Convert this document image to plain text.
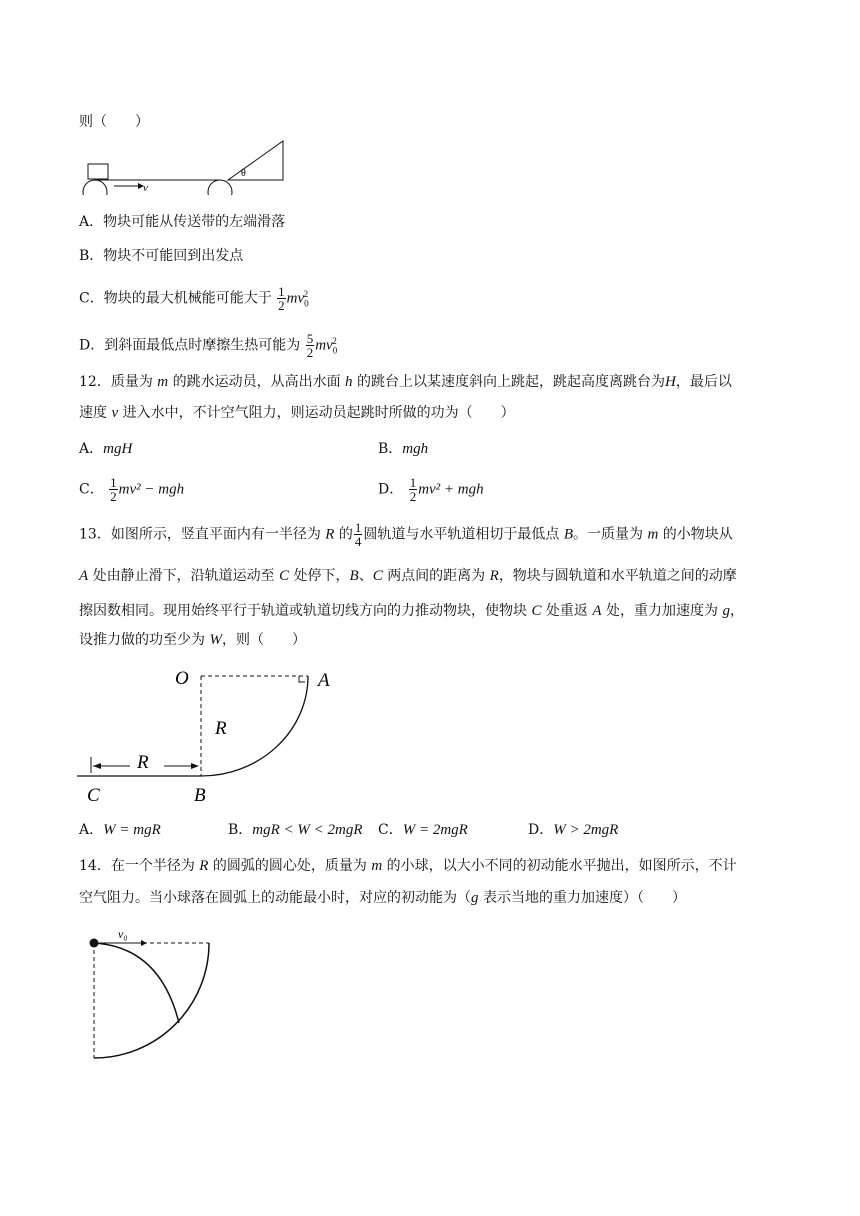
则（　　）
v
θ
A．物块可能从传送带的左端滑落
B．物块不可能回到出发点
C．物块的最大机械能可能大于 $\frac{1}{2} mv_0^2$
D．到斜面最低点时摩擦生热可能为 $\frac{5}{2} mv_0^2$
12．质量为 m 的跳水运动员，从高出水面 h 的跳台上以某速度斜向上跳起，跳起高度离跳台为H，最后以
速度 v 进入水中，不计空气阻力，则运动员起跳时所做的功为（　　）
A．mgH	B．mgh
C． $\frac{1}{2} mv^2$ − mgh	D． $\frac{1}{2} mv^2$ + mgh
13．如图所示，竖直平面内有一半径为 R 的 $\frac{1}{4}$ 圆轨道与水平轨道相切于最低点 B。一质量为 m 的小物块从
A 处由静止滑下，沿轨道运动至 C 处停下，B、C 两点间的距离为 R，物块与圆轨道和水平轨道之间的动摩
擦因数相同。现用始终平行于轨道或轨道切线方向的力推动物块，使物块 C 处重返 A 处，重力加速度为 g，
设推力做的功至少为 W，则（　　）
O	A
R
R
C	B
A．W = mgR	B．mgR < W < 2mgR C．W = 2mgR	D．W > 2mgR
14．在一个半径为 R 的圆弧的圆心处，质量为 m 的小球，以大小不同的初动能水平抛出，如图所示，不计
空气阻力。当小球落在圆弧上的动能最小时，对应的初动能为（g 表示当地的重力加速度）（　　）
v₀
